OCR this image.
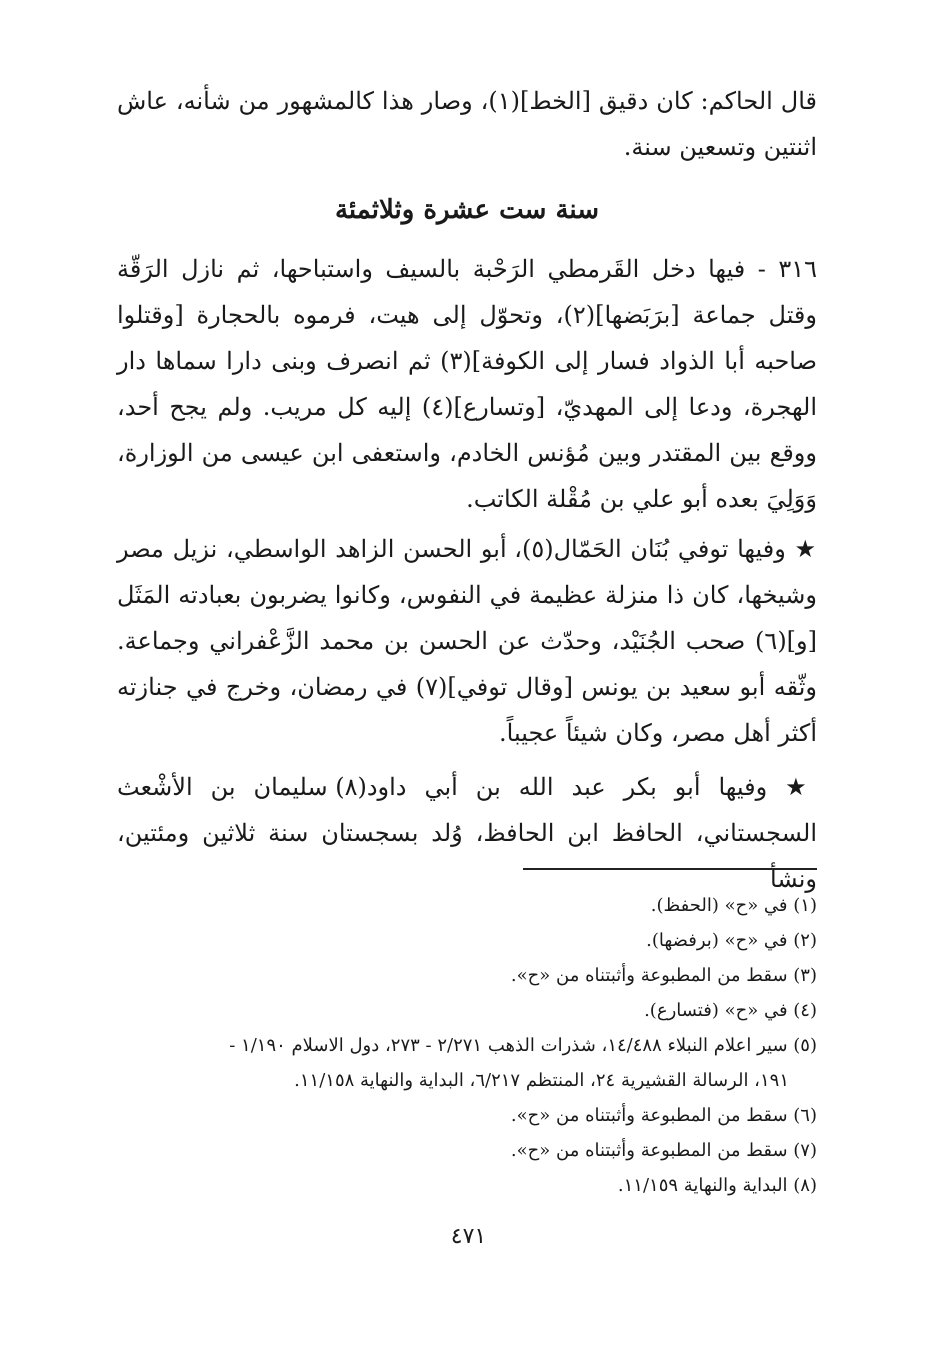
قال الحاكم: كان دقيق [الخط](١)، وصار هذا كالمشهور من شأنه، عاش اثنتين وتسعين سنة.
سنة ست عشرة وثلاثمئة
٣١٦ - فيها دخل القَرمطي الرَحْبة بالسيف واستباحها، ثم نازل الرَقّة وقتل جماعة [برَبَضها](٢)، وتحوّل إلى هيت، فرموه بالحجارة [وقتلوا صاحبه أبا الذواد فسار إلى الكوفة](٣) ثم انصرف وبنى دارا سماها دار الهجرة، ودعا إلى المهديّ، [وتسارع](٤) إليه كل مريب. ولم يجح أحد، ووقع بين المقتدر وبين مُؤنس الخادم، واستعفى ابن عيسى من الوزارة، وَوَلِيَ بعده أبو علي بن مُقْلة الكاتب.
★ وفيها توفي بُنَان الحَمّال(٥)، أبو الحسن الزاهد الواسطي، نزيل مصر وشيخها، كان ذا منزلة عظيمة في النفوس، وكانوا يضربون بعبادته المَثَل [و](٦) صحب الجُنَيْد، وحدّث عن الحسن بن محمد الزَّعْفراني وجماعة. وثّقه أبو سعيد بن يونس [وقال توفي](٧) في رمضان، وخرج في جنازته أكثر أهل مصر، وكان شيئاً عجيباً.
★ وفيها أبو بكر عبد الله بن أبي داود(٨) سليمان بن الأشْعث السجستاني، الحافظ ابن الحافظ، وُلد بسجستان سنة ثلاثين ومئتين، ونشأ
(١) في «ح» (الحفظ).
(٢) في «ح» (برفضها).
(٣) سقط من المطبوعة وأثبتناه من «ح».
(٤) في «ح» (فتسارع).
(٥) سير اعلام النبلاء ١٤/٤٨٨، شذرات الذهب ٢/٢٧١ - ٢٧٣، دول الاسلام ١/١٩٠ -
١٩١، الرسالة القشيرية ٢٤، المنتظم ٦/٢١٧، البداية والنهاية ١١/١٥٨.
(٦) سقط من المطبوعة وأثبتناه من «ح».
(٧) سقط من المطبوعة وأثبتناه من «ح».
(٨) البداية والنهاية ١١/١٥٩.
٤٧١
